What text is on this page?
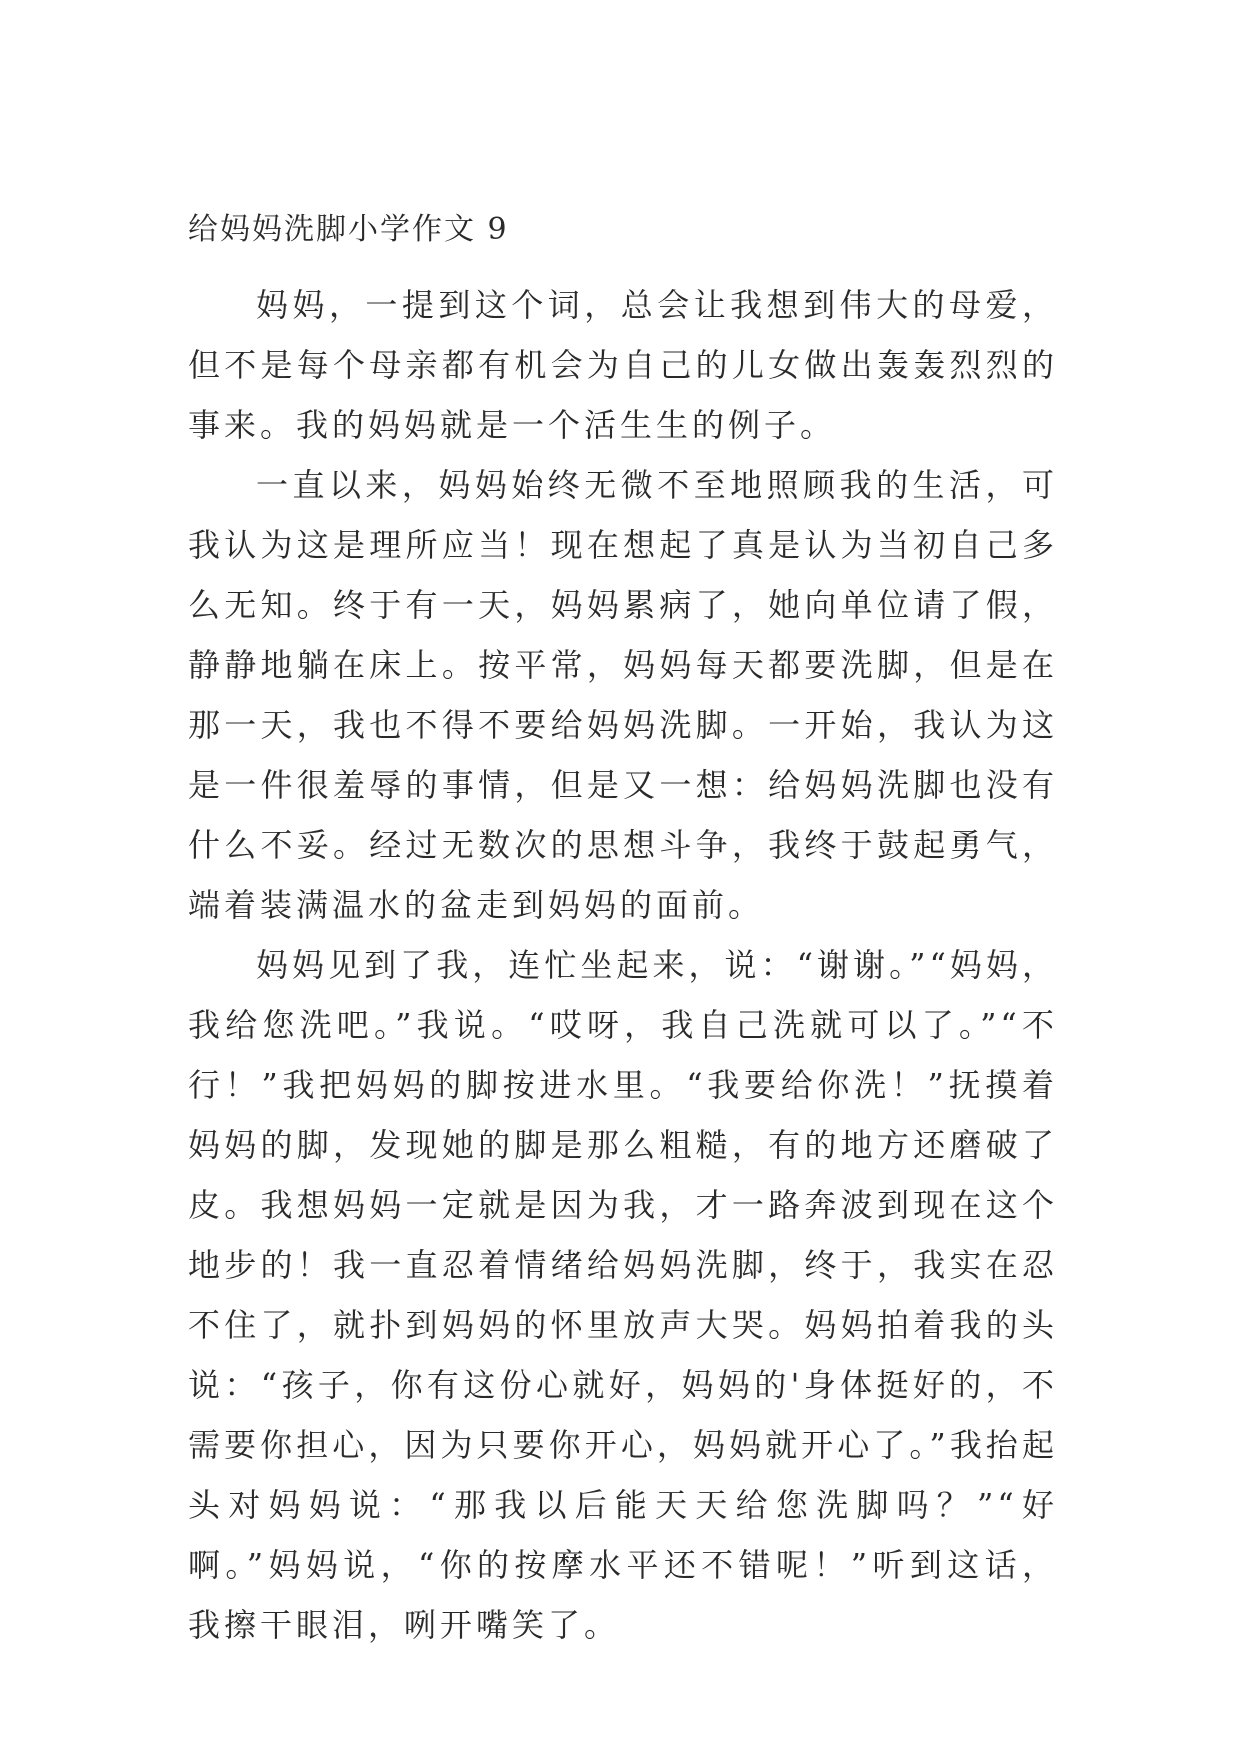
给妈妈洗脚小学作文 9

妈妈，一提到这个词，总会让我想到伟大的母爱，但不是每个母亲都有机会为自己的儿女做出轰轰烈烈的事来。我的妈妈就是一个活生生的例子。

一直以来，妈妈始终无微不至地照顾我的生活，可我认为这是理所应当！现在想起了真是认为当初自己多么无知。终于有一天，妈妈累病了，她向单位请了假，静静地躺在床上。按平常，妈妈每天都要洗脚，但是在那一天，我也不得不要给妈妈洗脚。一开始，我认为这是一件很羞辱的事情，但是又一想：给妈妈洗脚也没有什么不妥。经过无数次的思想斗争，我终于鼓起勇气，端着装满温水的盆走到妈妈的面前。

妈妈见到了我，连忙坐起来，说：“谢谢。”“妈妈，我给您洗吧。”我说。“哎呀，我自己洗就可以了。”“不行！”我把妈妈的脚按进水里。“我要给你洗！”抚摸着妈妈的脚，发现她的脚是那么粗糙，有的地方还磨破了皮。我想妈妈一定就是因为我，才一路奔波到现在这个地步的！我一直忍着情绪给妈妈洗脚，终于，我实在忍不住了，就扑到妈妈的怀里放声大哭。妈妈拍着我的头说：“孩子，你有这份心就好，妈妈的'身体挺好的，不需要你担心，因为只要你开心，妈妈就开心了。”我抬起头对妈妈说：“那我以后能天天给您洗脚吗？”“好啊。”妈妈说，“你的按摩水平还不错呢！”听到这话，我擦干眼泪，咧开嘴笑了。
